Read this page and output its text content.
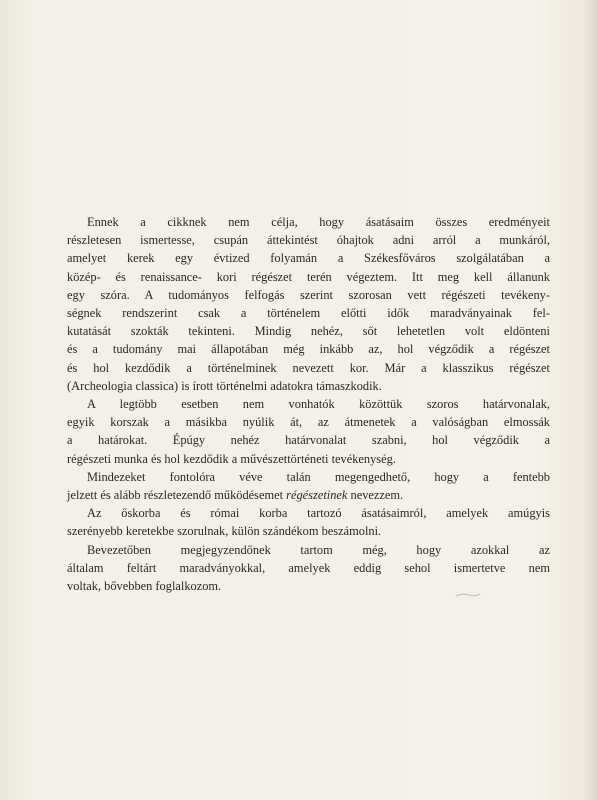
Ennek a cikknek nem célja, hogy ásatásaim összes eredményeit
részletesen ismertesse, csupán áttekintést óhajtok adni arról a munkáról,
amelyet kerek egy évtized folyamán a Székesfőváros szolgálatában a
közép- és renaissance- kori régészet terén végeztem. Itt meg kell állanunk
egy szóra. A tudományos felfogás szerint szorosan vett régészeti tevékeny-
ségnek rendszerint csak a történelem előtti idők maradványainak fel-
kutatását szokták tekinteni. Mindig nehéz, sőt lehetetlen volt eldönteni
és a tudomány mai állapotában még inkább az, hol végződik a régészet
és hol kezdődik a történelminek nevezett kor. Már a klasszikus régészet
(Archeologia classica) is írott történelmi adatokra támaszkodik.

A legtöbb esetben nem vonhatók közöttük szoros határvonalak,
egyik korszak a másikba nyúlik át, az átmenetek a valóságban elmossák
a határokat. Épúgy nehéz határvonalat szabni, hol végződik a
régészeti munka és hol kezdődik a művészettörténeti tevékenység.

Mindezeket fontolóra véve talán megengedhető, hogy a fentebb
jelzett és alább részletezendő működésemet régészetinek nevezzem.

Az őskorba és római korba tartozó ásatásaimról, amelyek amúgyis
szerényebb keretekbe szorulnak, külön szándékom beszámolni.

Bevezetőben megjegyzendőnek tartom még, hogy azokkal az
általam feltárt maradványokkal, amelyek eddig sehol ismertetve nem
voltak, bővebben foglalkozom.
